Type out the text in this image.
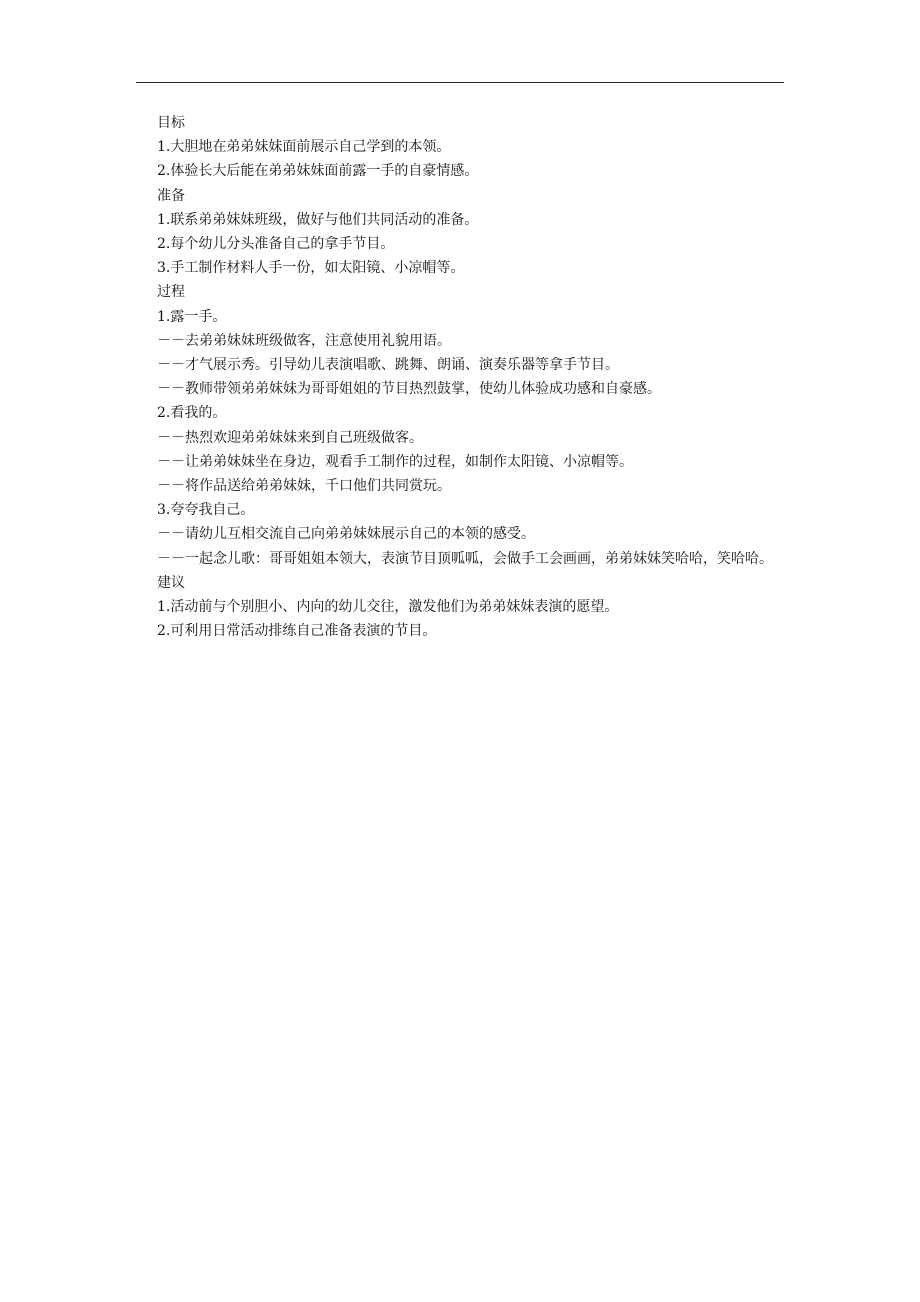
目标

1.大胆地在弟弟妹妹面前展示自己学到的本领。

2.体验长大后能在弟弟妹妹面前露一手的自豪情感。

准备

1.联系弟弟妹妹班级，做好与他们共同活动的准备。

2.每个幼儿分头准备自己的拿手节目。

3.手工制作材料人手一份，如太阳镜、小凉帽等。

过程

1.露一手。

－－去弟弟妹妹班级做客，注意使用礼貌用语。

－－才气展示秀。引导幼儿表演唱歌、跳舞、朗诵、演奏乐器等拿手节目。

－－教师带领弟弟妹妹为哥哥姐姐的节目热烈鼓掌，使幼儿体验成功感和自豪感。

2.看我的。

－－热烈欢迎弟弟妹妹来到自己班级做客。

－－让弟弟妹妹坐在身边，观看手工制作的过程，如制作太阳镜、小凉帽等。

－－将作品送给弟弟妹妹，千口他们共同赏玩。

3.夸夸我自己。

－－请幼儿互相交流自己向弟弟妹妹展示自己的本领的感受。

－－一起念儿歌：哥哥姐姐本领大，表演节目顶呱呱，会做手工会画画，弟弟妹妹笑哈哈，笑哈哈。

建议

1.活动前与个别胆小、内向的幼儿交往，激发他们为弟弟妹妹表演的愿望。

2.可利用日常活动排练自己准备表演的节目。
